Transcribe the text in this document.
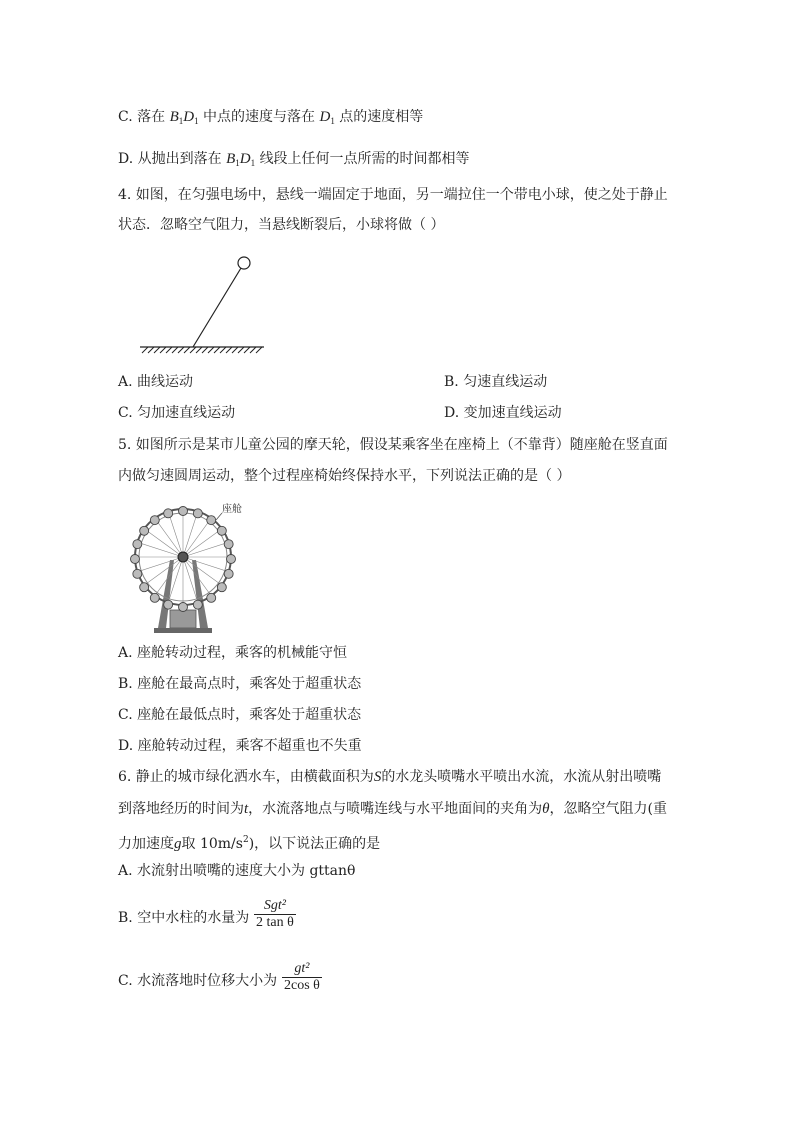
C. 落在 $B_1D_1$ 中点的速度与落在 $D_1$ 点的速度相等
D. 从抛出到落在 $B_1D_1$ 线段上任何一点所需的时间都相等
4. 如图，在匀强电场中，悬线一端固定于地面，另一端拉住一个带电小球，使之处于静止
状态．忽略空气阻力，当悬线断裂后，小球将做（ ）
A. 曲线运动	B. 匀速直线运动
C. 匀加速直线运动	D. 变加速直线运动
5. 如图所示是某市儿童公园的摩天轮，假设某乘客坐在座椅上（不靠背）随座舱在竖直面
内做匀速圆周运动，整个过程座椅始终保持水平，下列说法正确的是（ ）
座舱
A. 座舱转动过程，乘客的机械能守恒
B. 座舱在最高点时，乘客处于超重状态
C. 座舱在最低点时，乘客处于超重状态
D. 座舱转动过程，乘客不超重也不失重
6. 静止的城市绿化洒水车，由横截面积为S的水龙头喷嘴水平喷出水流，水流从射出喷嘴
到落地经历的时间为t，水流落地点与喷嘴连线与水平地面间的夹角为θ，忽略空气阻力(重
力加速度g取 $10m/s^2$)，以下说法正确的是
A. 水流射出喷嘴的速度大小为 gttanθ
B. 空中水柱的水量为
Sgt²
2 tan θ
C. 水流落地时位移大小为
gt²
2cos θ
